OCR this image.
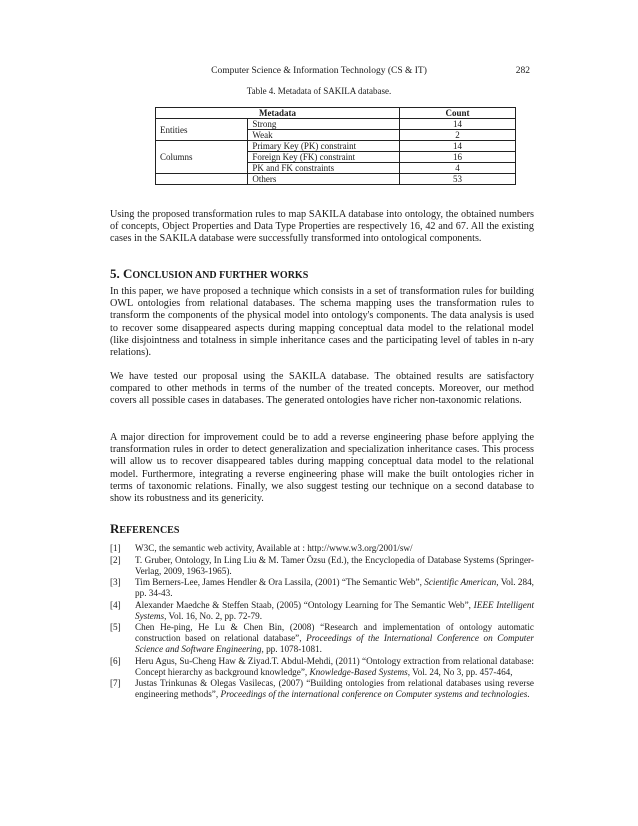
Computer Science & Information Technology (CS & IT)	282
Table 4. Metadata of SAKILA database.
Metadata		Count
Entities	Strong	14
	Weak	2
Columns	Primary Key (PK) constraint	14
	Foreign Key (FK) constraint	16
	PK and FK constraints	4
	Others	53

Using the proposed transformation rules to map SAKILA database into ontology, the obtained numbers of concepts, Object Properties and Data Type Properties are respectively 16, 42 and 67. All the existing cases in the SAKILA database were successfully transformed into ontological components.

5. CONCLUSION AND FURTHER WORKS

In this paper, we have proposed a technique which consists in a set of transformation rules for building OWL ontologies from relational databases. The schema mapping uses the transformation rules to transform the components of the physical model into ontology's components. The data analysis is used to recover some disappeared aspects during mapping conceptual data model to the relational model (like disjointness and totalness in simple inheritance cases and the participating level of tables in n-ary relations).

We have tested our proposal using the SAKILA database. The obtained results are satisfactory compared to other methods in terms of the number of the treated concepts. Moreover, our method covers all possible cases in databases. The generated ontologies have richer non-taxonomic relations.

A major direction for improvement could be to add a reverse engineering phase before applying the transformation rules in order to detect generalization and specialization inheritance cases. This process will allow us to recover disappeared tables during mapping conceptual data model to the relational model. Furthermore, integrating a reverse engineering phase will make the built ontologies richer in terms of taxonomic relations. Finally, we also suggest testing our technique on a second database to show its robustness and its genericity.

REFERENCES
[1] W3C, the semantic web activity, Available at : http://www.w3.org/2001/sw/
[2] T. Gruber, Ontology, In Ling Liu & M. Tamer Özsu (Ed.), the Encyclopedia of Database Systems (Springer-Verlag, 2009, 1963-1965).
[3] Tim Berners-Lee, James Hendler & Ora Lassila, (2001) “The Semantic Web”, Scientific American, Vol. 284, pp. 34-43.
[4] Alexander Maedche & Steffen Staab, (2005) “Ontology Learning for The Semantic Web”, IEEE Intelligent Systems, Vol. 16, No. 2, pp. 72-79.
[5] Chen He-ping, He Lu & Chen Bin, (2008) “Research and implementation of ontology automatic construction based on relational database”, Proceedings of the International Conference on Computer Science and Software Engineering, pp. 1078-1081.
[6] Heru Agus, Su-Cheng Haw & Ziyad.T. Abdul-Mehdi, (2011) “Ontology extraction from relational database: Concept hierarchy as background knowledge”, Knowledge-Based Systems, Vol. 24, No 3, pp. 457-464,
[7] Justas Trinkunas & Olegas Vasilecas, (2007) “Building ontologies from relational databases using reverse engineering methods”, Proceedings of the international conference on Computer systems and technologies.
